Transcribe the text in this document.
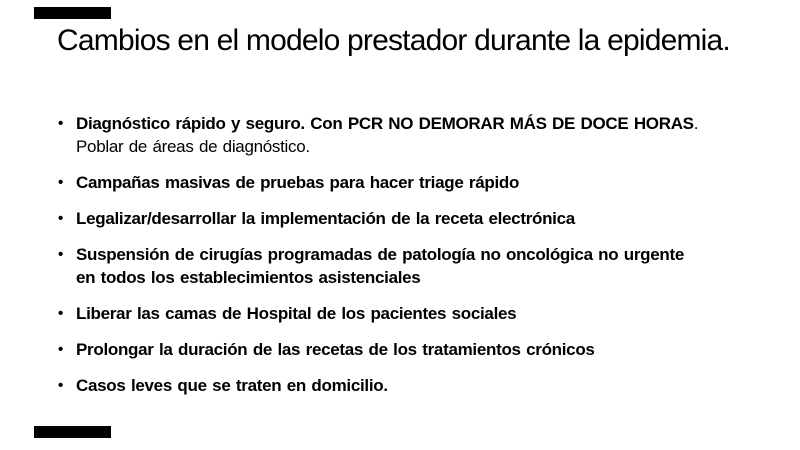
Cambios en el modelo prestador durante la epidemia.
• Diagnóstico rápido y seguro. Con PCR NO DEMORAR MÁS DE DOCE HORAS. Poblar de áreas de diagnóstico.
• Campañas masivas de pruebas para hacer triage rápido
• Legalizar/desarrollar la implementación de la receta electrónica
• Suspensión de cirugías programadas de patología no oncológica no urgente en todos los establecimientos asistenciales
• Liberar las camas de Hospital de los pacientes sociales
• Prolongar la duración de las recetas de los tratamientos crónicos
• Casos leves que se traten en domicilio.
